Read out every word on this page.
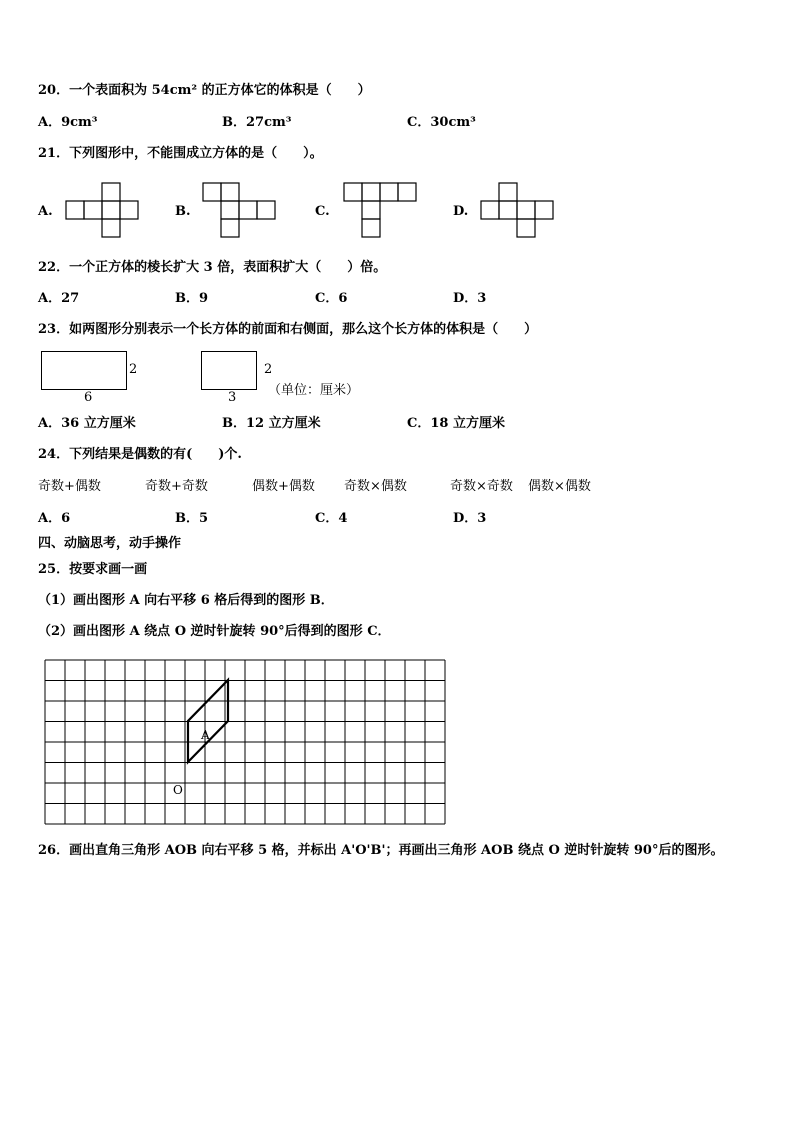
20．一个表面积为 54cm² 的正方体它的体积是（　　）
A．9cm³	B．27cm³	C．30cm³
21．下列图形中，不能围成立方体的是（　　）。
A.	B.	C.	D.
22．一个正方体的棱长扩大 3 倍，表面积扩大（　　）倍。
A．27	B．9	C．6	D．3
23．如两图形分别表示一个长方体的前面和右侧面，那么这个长方体的体积是（　　）
2
6
2
3 （单位：厘米）
A．36 立方厘米	B．12 立方厘米	C．18 立方厘米
24．下列结果是偶数的有(　　)个.
奇数+偶数	奇数+奇数	偶数+偶数 奇数×偶数	奇数×奇数 偶数×偶数
A．6	B．5	C．4	D．3
四、动脑思考，动手操作
25．按要求画一画
（1）画出图形 A 向右平移 6 格后得到的图形 B．
（2）画出图形 A 绕点 O 逆时针旋转 90°后得到的图形 C．
A
O
26．画出直角三角形 AOB 向右平移 5 格，并标出 A'O'B'；再画出三角形 AOB 绕点 O 逆时针旋转 90°后的图形。
